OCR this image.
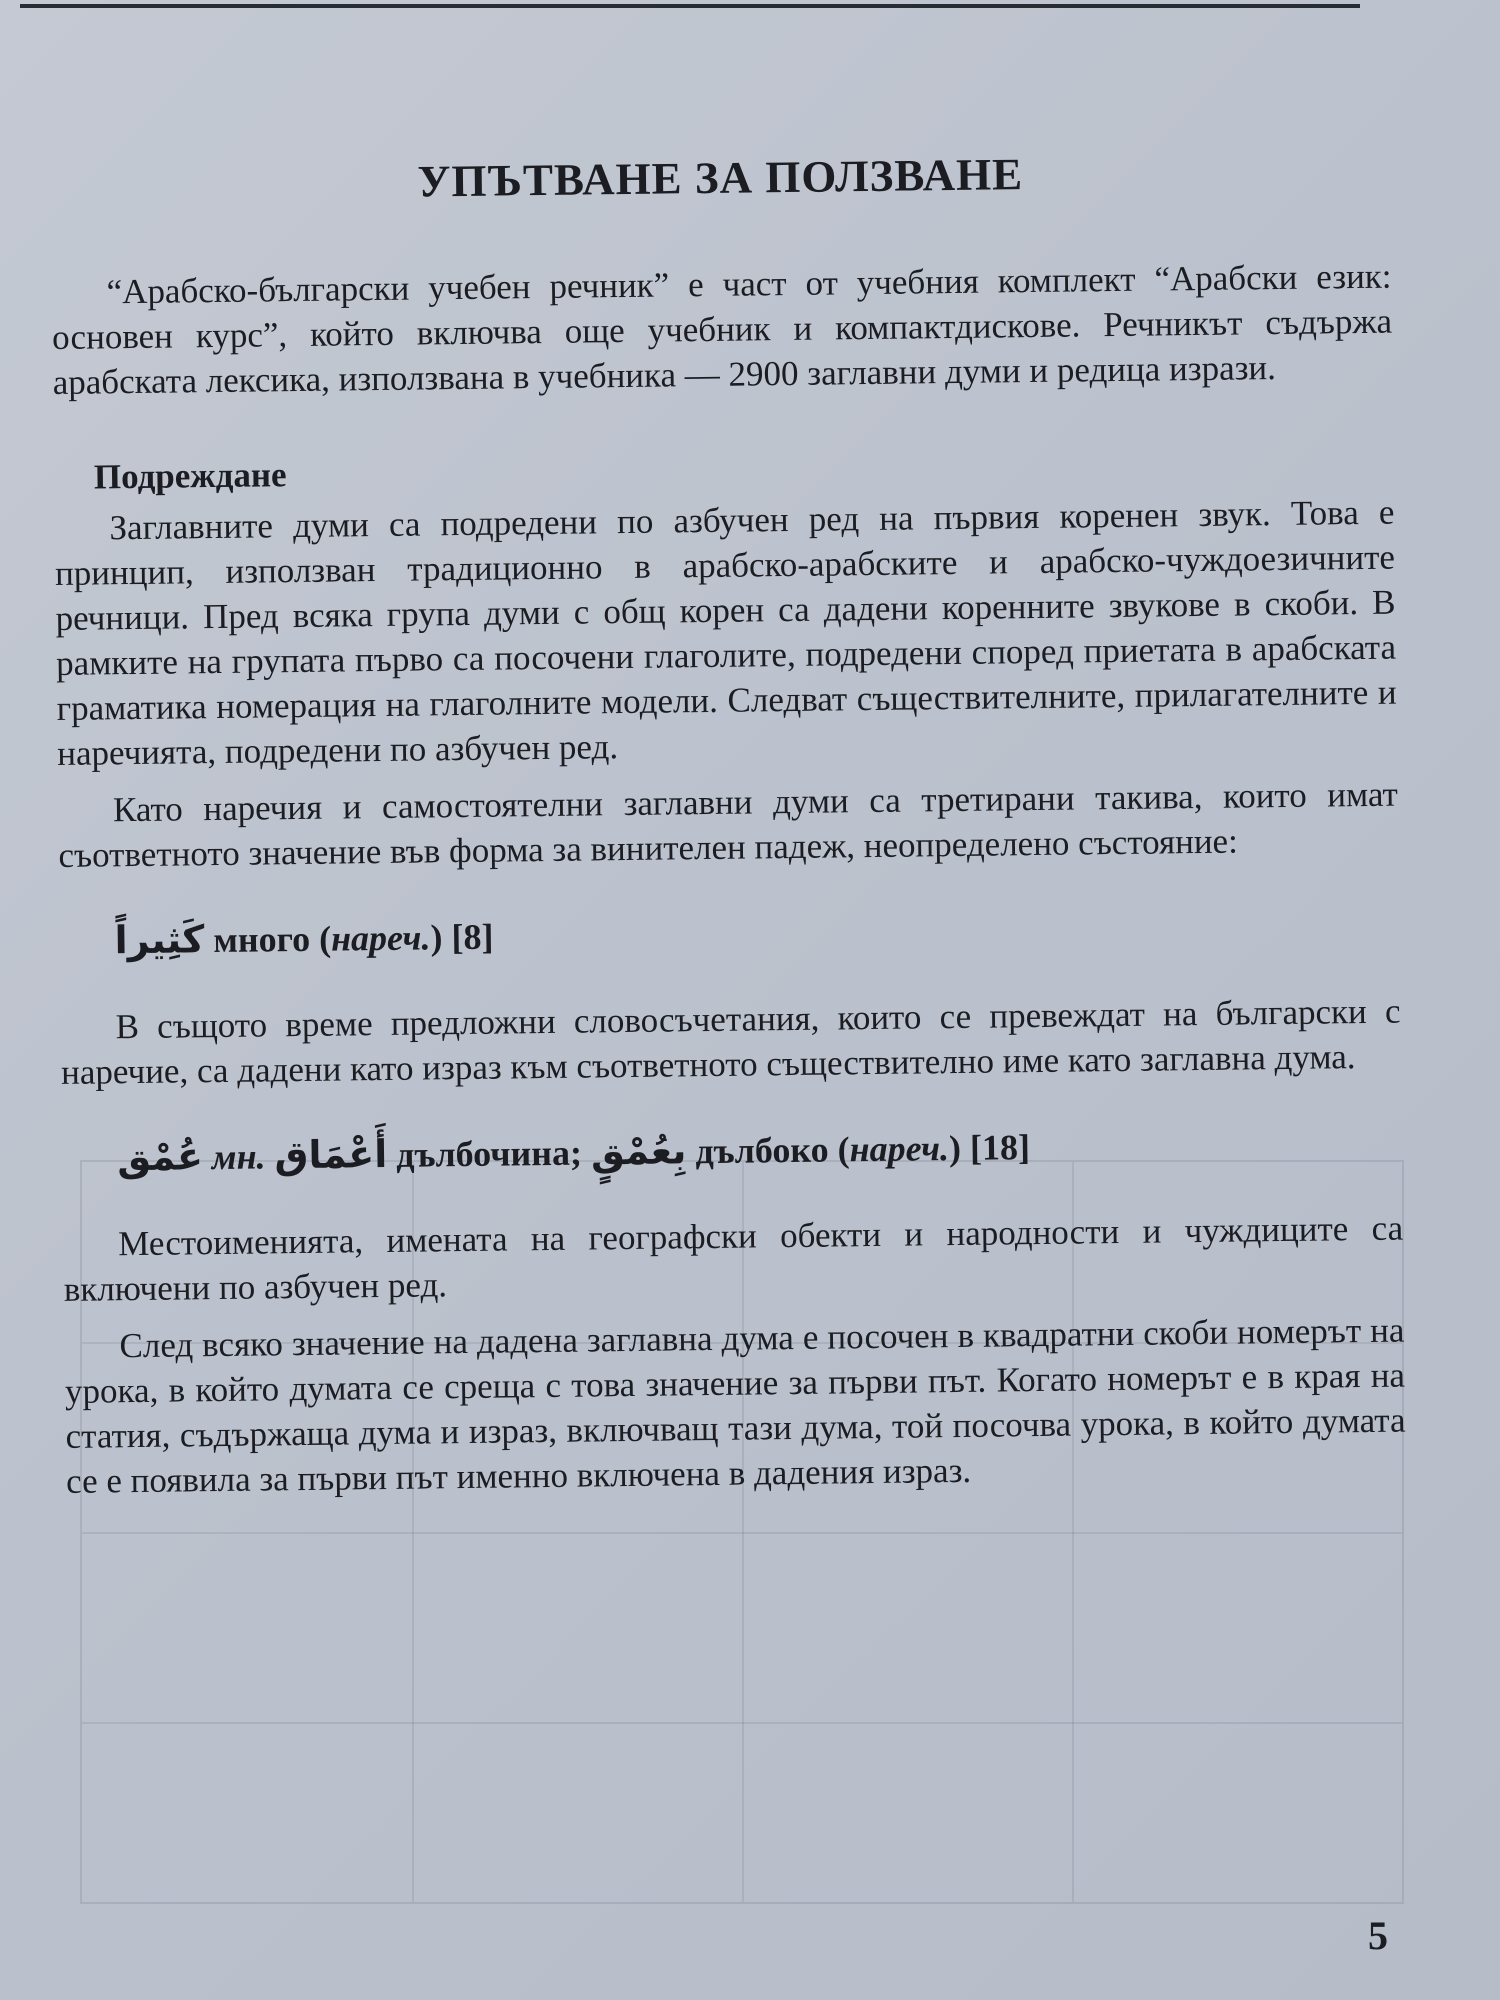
УПЪТВАНЕ ЗА ПОЛЗВАНЕ

“Арабско-български учебен речник” е част от учебния комплект “Арабски език: основен курс”, който включва още учебник и компактдискове. Речникът съдържа арабската лексика, използвана в учебника — 2900 заглавни думи и редица изрази.

Подреждане

Заглавните думи са подредени по азбучен ред на първия коренен звук. Това е принцип, използван традиционно в арабско-арабските и арабско-чуждоезичните речници. Пред всяка група думи с общ корен са дадени коренните звукове в скоби. В рамките на групата първо са посочени глаголите, подредени според приетата в арабската граматика номерация на глаголните модели. Следват съществителните, прилагателните и наречията, подредени по азбучен ред.

Като наречия и самостоятелни заглавни думи са третирани такива, които имат съответното значение във форма за винителен падеж, неопределено състояние:

كَثِيراً много (нареч.) [8]

В същото време предложни словосъчетания, които се превеждат на български с наречие, са дадени като израз към съответното съществително име като заглавна дума.

عُمْق мн. أَعْمَاق дълбочина; بِعُمْقٍ дълбоко (нареч.) [18]

Местоименията, имената на географски обекти и народности и чуждиците са включени по азбучен ред.

След всяко значение на дадена заглавна дума е посочен в квадратни скоби номерът на урока, в който думата се среща с това значение за първи път. Когато номерът е в края на статия, съдържаща дума и израз, включващ тази дума, той посочва урока, в който думата се е появила за първи път именно включена в дадения израз.

5
